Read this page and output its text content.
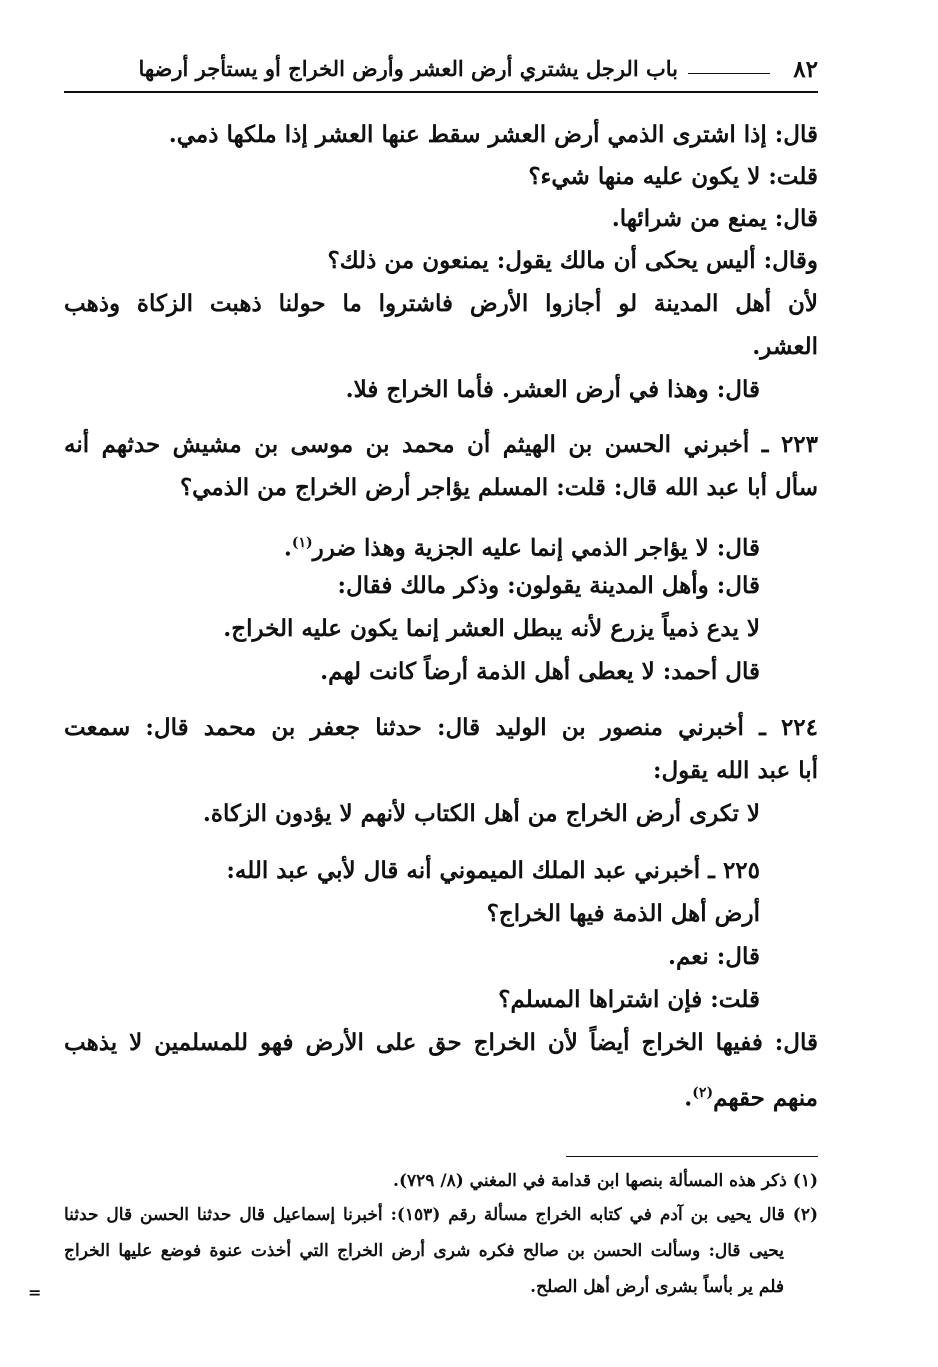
٨٢
باب الرجل يشتري أرض العشر وأرض الخراج أو يستأجر أرضها
قال: إذا اشترى الذمي أرض العشر سقط عنها العشر إذا ملكها ذمي.
قلت: لا يكون عليه منها شيء؟
قال: يمنع من شرائها.
وقال: أليس يحكى أن مالك يقول: يمنعون من ذلك؟
لأن أهل المدينة لو أجازوا الأرض فاشتروا ما حولنا ذهبت الزكاة وذهب
العشر.
قال: وهذا في أرض العشر. فأما الخراج فلا.
٢٢٣ ـ أخبرني الحسن بن الهيثم أن محمد بن موسى بن مشيش حدثهم أنه
سأل أبا عبد الله قال: قلت: المسلم يؤاجر أرض الخراج من الذمي؟
قال: لا يؤاجر الذمي إنما عليه الجزية وهذا ضرر$^{(١)}$.
قال: وأهل المدينة يقولون: وذكر مالك فقال:
لا يدع ذمياً يزرع لأنه يبطل العشر إنما يكون عليه الخراج.
قال أحمد: لا يعطى أهل الذمة أرضاً كانت لهم.
٢٢٤ ـ أخبرني منصور بن الوليد قال: حدثنا جعفر بن محمد قال: سمعت
أبا عبد الله يقول:
لا تكرى أرض الخراج من أهل الكتاب لأنهم لا يؤدون الزكاة.
٢٢٥ ـ أخبرني عبد الملك الميموني أنه قال لأبي عبد الله:
أرض أهل الذمة فيها الخراج؟
قال: نعم.
قلت: فإن اشتراها المسلم؟
قال: ففيها الخراج أيضاً لأن الخراج حق على الأرض فهو للمسلمين لا يذهب
منهم حقهم$^{(٢)}$.
(١) ذكر هذه المسألة بنصها ابن قدامة في المغني (٨/ ٧٢٩).
(٢) قال يحيى بن آدم في كتابه الخراج مسألة رقم (١٥٣): أخبرنا إسماعيل قال حدثنا الحسن قال حدثنا
يحيى قال: وسألت الحسن بن صالح فكره شرى أرض الخراج التي أخذت عنوة فوضع عليها الخراج
فلم ير بأساً بشرى أرض أهل الصلح.
=
